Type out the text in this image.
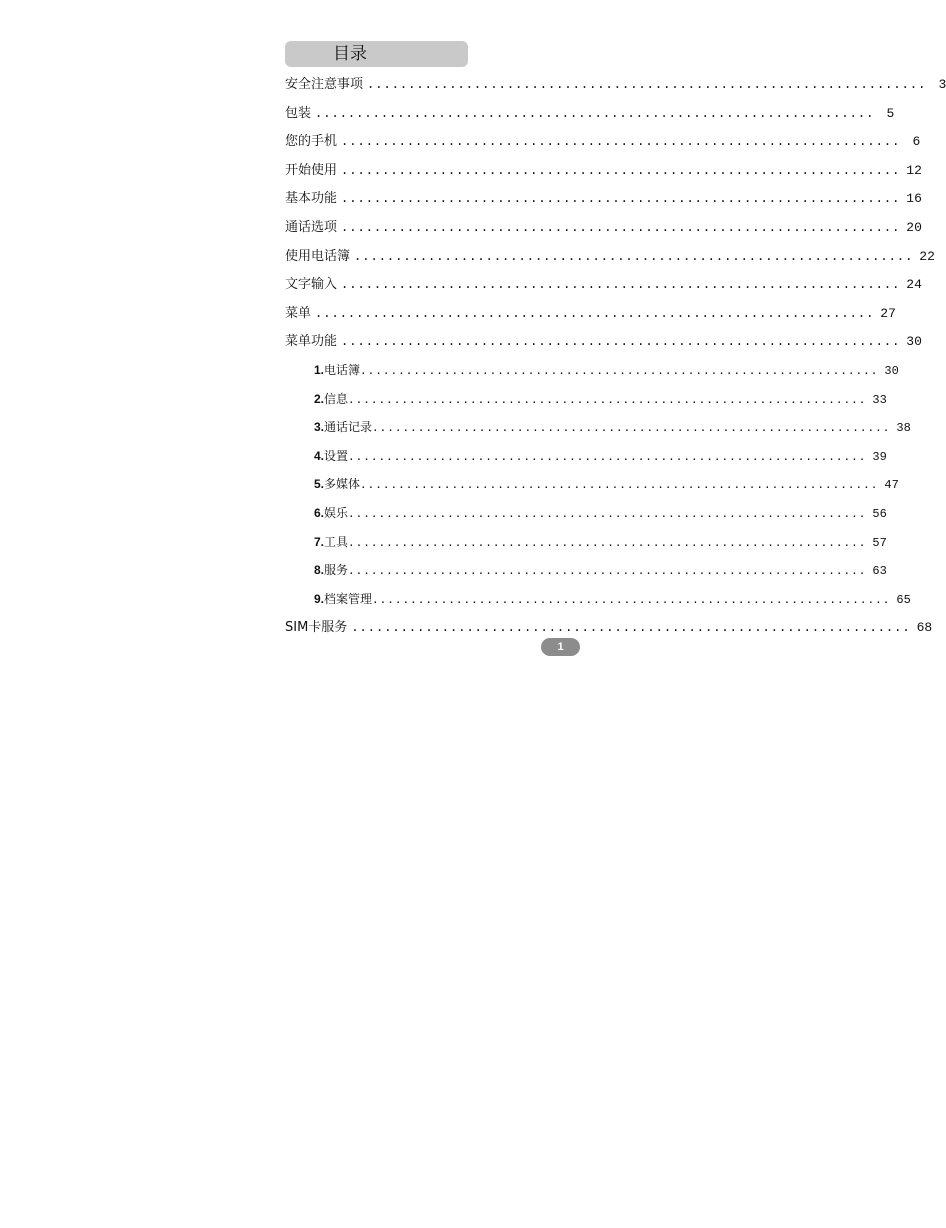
目录
安全注意事项 .................................................................... 3
包装 .................................................................... 5
您的手机 .................................................................... 6
开始使用 .................................................................... 12
基本功能 .................................................................... 16
通话选项 .................................................................... 20
使用电话簿 .................................................................... 22
文字输入 .................................................................... 24
菜单 .................................................................... 27
菜单功能 .................................................................... 30
1. 电话簿 .................................................................... 30
2. 信息 .................................................................... 33
3. 通话记录 .................................................................... 38
4. 设置 .................................................................... 39
5. 多媒体 .................................................................... 47
6. 娱乐 .................................................................... 56
7. 工具 .................................................................... 57
8. 服务 .................................................................... 63
9. 档案管理 .................................................................... 65
SIM卡服务 .................................................................... 68
1
